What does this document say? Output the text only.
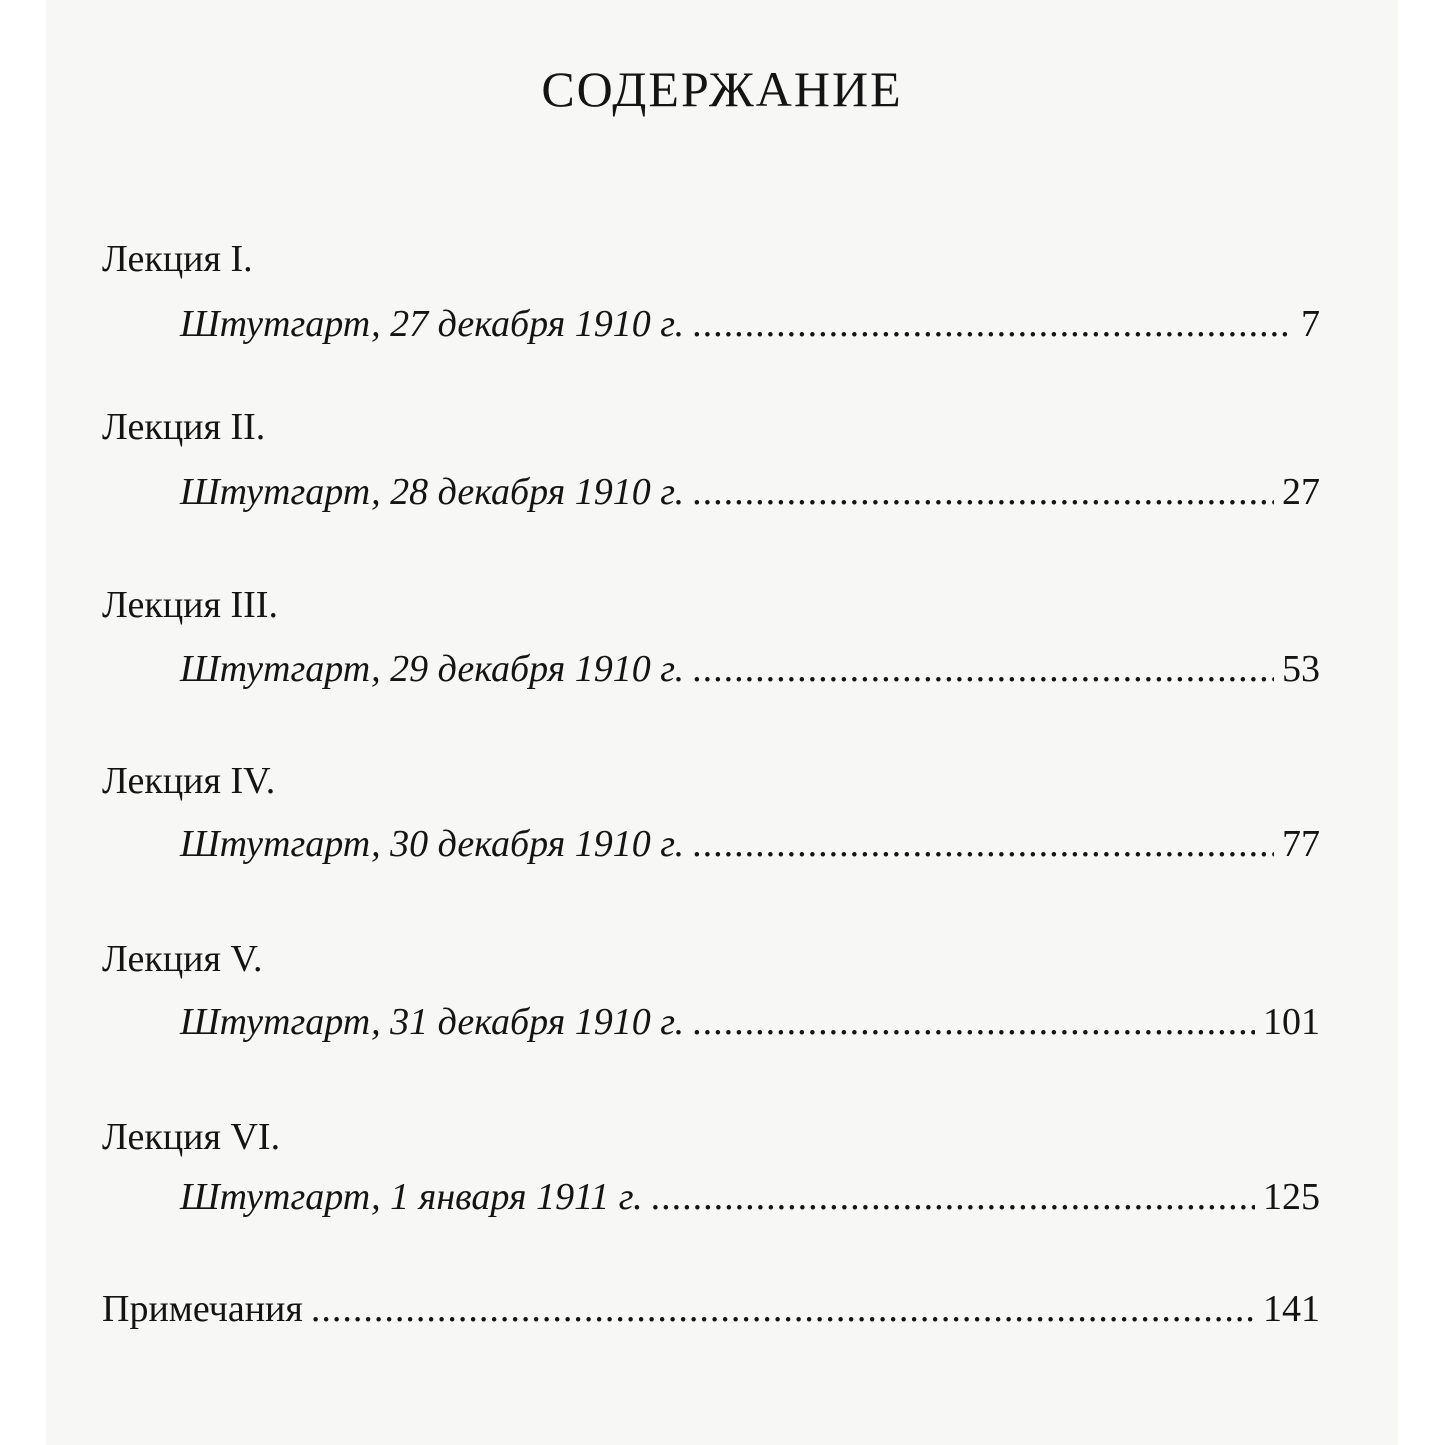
СОДЕРЖАНИЕ
Лекция I.
Штутгарт, 27 декабря 1910 г. .....	7
Лекция II.
Штутгарт, 28 декабря 1910 г. .....	27
Лекция III.
Штутгарт, 29 декабря 1910 г. .....	53
Лекция IV.
Штутгарт, 30 декабря 1910 г. .....	77
Лекция V.
Штутгарт, 31 декабря 1910 г. .....	101
Лекция VI.
Штутгарт, 1 января 1911 г. .....	125
Примечания .....	141
